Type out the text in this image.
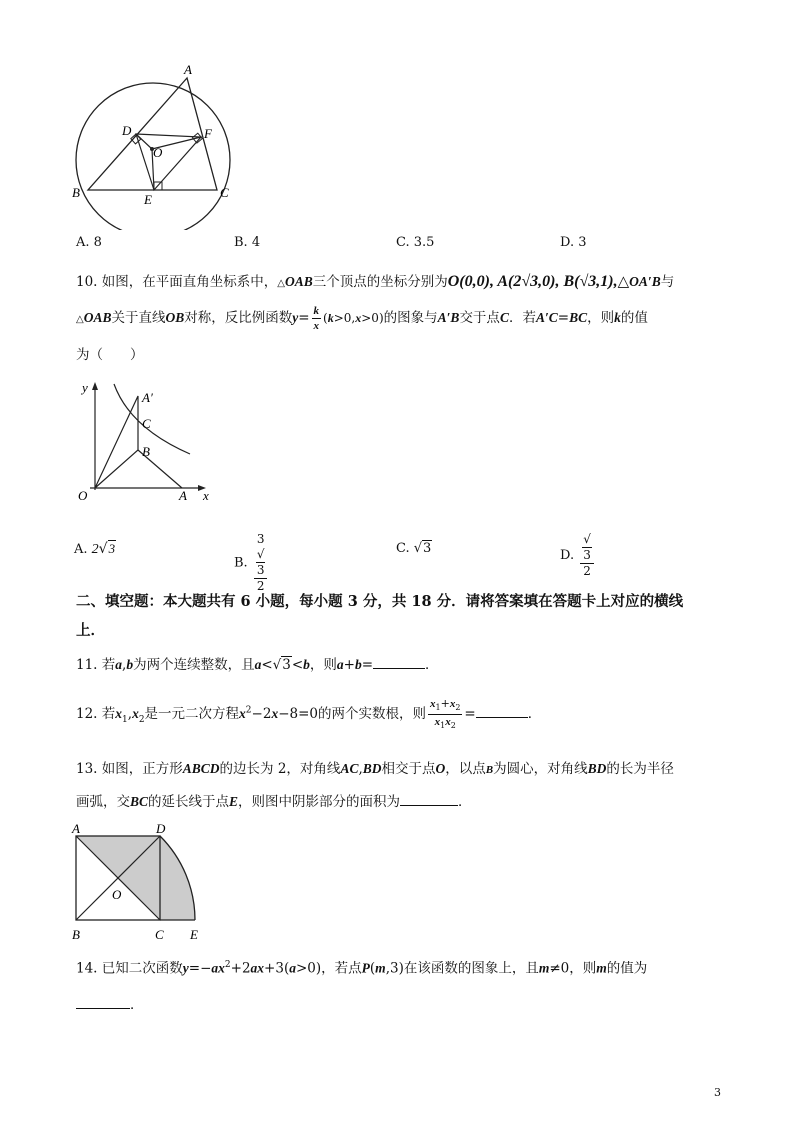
A
B	C
D
E
F
O
A. 8	B. 4	C. 3.5	D. 3
10. 如图，在平面直角坐标系中，△OAB三个顶点的坐标分别为O(0,0), A(2√3,0), B(√3,1),△OA′B与
△OAB关于直线OB对称，反比例函数$y= \frac{k}{x} (k>0,x>0)$的图象与A′B交于点C．若A′C=BC，则k的值
为（　　）
y
x
O	A
A′
C
B
A. 2√3
B. 3
√
3
2	C. √3	D. √
3
2
二、填空题：本大题共有 6 小题，每小题 3 分，共 18 分．请将答案填在答题卡上对应的横线
上．
11. 若a,b为两个连续整数，且a<√3<b，则a+b=	．
12. 若$x_1,x_2$是一元二次方程$x^2-2x-8=0$的两个实数根，则 $\frac{x_1+x_2}{x_1x_2}$ =	．
13. 如图，正方形ABCD的边长为 2，对角线AC,BD相交于点O，以点B为圆心，对角线BD的长为半径
画弧，交BC的延长线于点E，则图中阴影部分的面积为	．
A	D
B	C E
O
14. 已知二次函数$y=-ax^2+2ax+3(a>0)$，若点P(m,3)在该函数的图象上，且m≠0，则m的值为
．
3
